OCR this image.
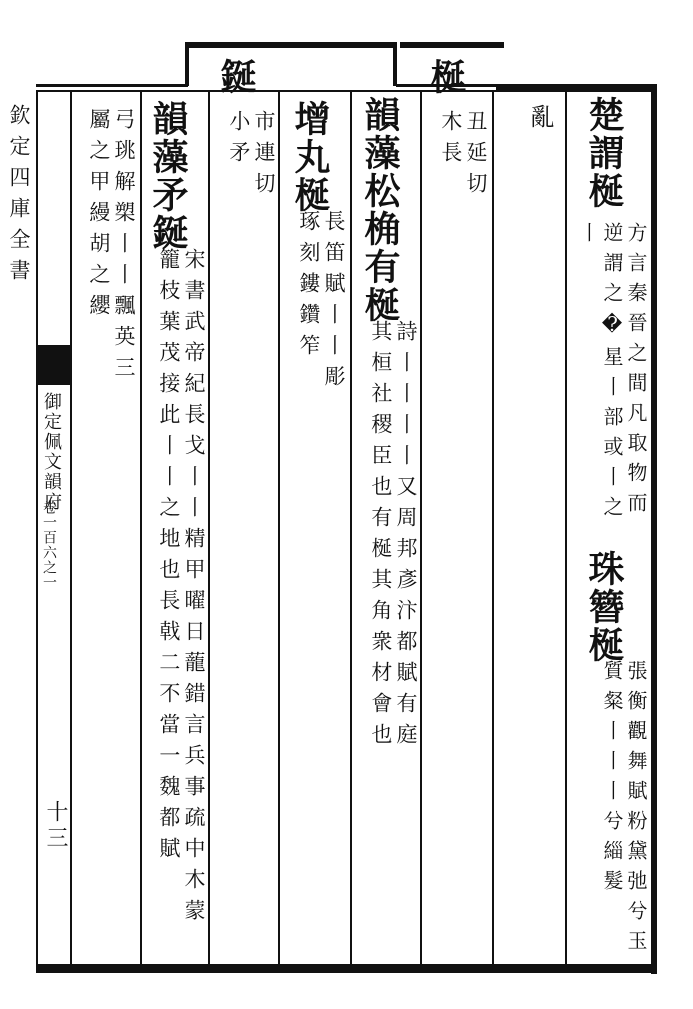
鋋	梴
欽定四庫全書
御定佩文韻府
卷一百六之一
十三
亂 楚謂梴
方言秦晉之間凡取物而逆謂之�星丨部或丨之丨
珠簪梴
張衡觀舞賦粉黛弛兮玉質粲丨丨丨兮緇髮
丑延切木長
韻藻松桷有梴
詩丨丨丨丨又周邦彥汴都賦有庭其桓社稷臣也有梴其角衆材會也
增丸梴
長笛賦丨丨彫琢刻鏤鑽笮
市連切小矛
韻藻矛鋋
宋書武帝紀長戈丨丨精甲曜日蘢錯言兵事疏中木蒙籠枝葉茂接此丨丨之地也長戟二不當一魏都賦
弓珧解槊丨丨飄英三屬之甲縵胡之纓
